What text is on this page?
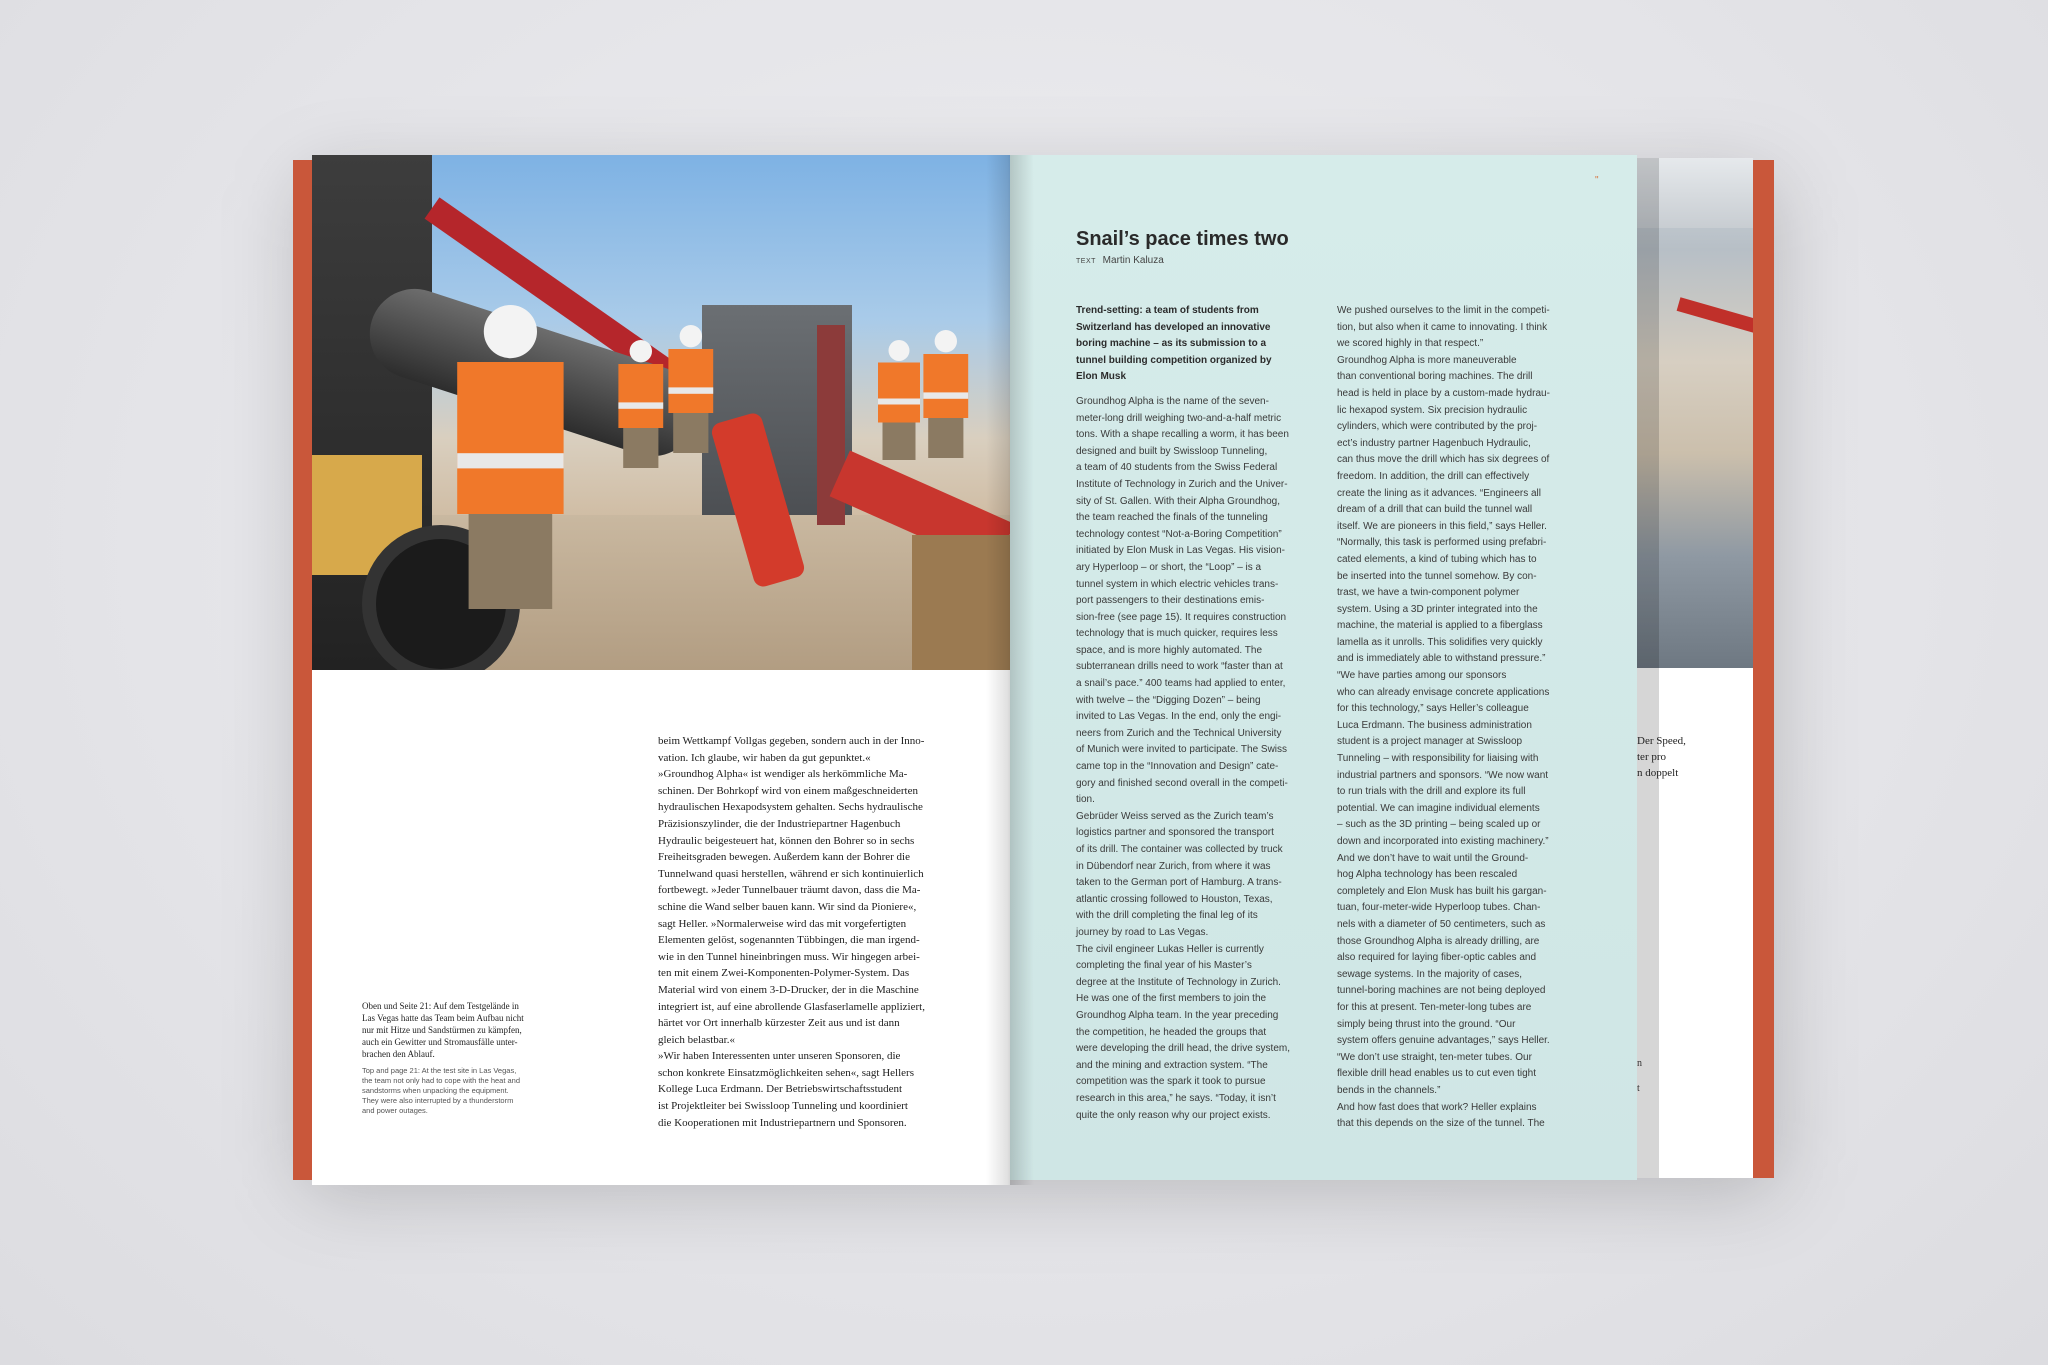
Oben und Seite 21: Auf dem Testgelände in
Las Vegas hatte das Team beim Aufbau nicht
nur mit Hitze und Sandstürmen zu kämpfen,
auch ein Gewitter und Stromausfälle unter-
brachen den Ablauf.
Top and page 21: At the test site in Las Vegas,
the team not only had to cope with the heat and
sandstorms when unpacking the equipment.
They were also interrupted by a thunderstorm
and power outages.
beim Wettkampf Vollgas gegeben, sondern auch in der Inno-
vation. Ich glaube, wir haben da gut gepunktet.«
»Groundhog Alpha« ist wendiger als herkömmliche Ma-
schinen. Der Bohrkopf wird von einem maßgeschneiderten
hydraulischen Hexapodsystem gehalten. Sechs hydraulische
Präzisionszylinder, die der Industriepartner Hagenbuch
Hydraulic beigesteuert hat, können den Bohrer so in sechs
Freiheitsgraden bewegen. Außerdem kann der Bohrer die
Tunnelwand quasi herstellen, während er sich kontinuierlich
fortbewegt. »Jeder Tunnelbauer träumt davon, dass die Ma-
schine die Wand selber bauen kann. Wir sind da Pioniere«,
sagt Heller. »Normalerweise wird das mit vorgefertigten
Elementen gelöst, sogenannten Tübbingen, die man irgend-
wie in den Tunnel hineinbringen muss. Wir hingegen arbei-
ten mit einem Zwei-Komponenten-Polymer-System. Das
Material wird von einem 3-D-Drucker, der in die Maschine
integriert ist, auf eine abrollende Glasfaserlamelle appliziert,
härtet vor Ort innerhalb kürzester Zeit aus und ist dann
gleich belastbar.«
»Wir haben Interessenten unter unseren Sponsoren, die
schon konkrete Einsatzmöglichkeiten sehen«, sagt Hellers
Kollege Luca Erdmann. Der Betriebswirtschaftsstudent
ist Projektleiter bei Swissloop Tunneling und koordiniert
die Kooperationen mit Industriepartnern und Sponsoren.
"
Snail’s pace times two
TEXT Martin Kaluza
Trend-setting: a team of students from
Switzerland has developed an innovative
boring machine – as its submission to a
tunnel building competition organized by
Elon Musk
Groundhog Alpha is the name of the seven-
meter-long drill weighing two-and-a-half metric
tons. With a shape recalling a worm, it has been
designed and built by Swissloop Tunneling,
a team of 40 students from the Swiss Federal
Institute of Technology in Zurich and the Univer-
sity of St. Gallen. With their Alpha Groundhog,
the team reached the finals of the tunneling
technology contest “Not-a-Boring Competition”
initiated by Elon Musk in Las Vegas. His vision-
ary Hyperloop – or short, the “Loop” – is a
tunnel system in which electric vehicles trans-
port passengers to their destinations emis-
sion-free (see page 15). It requires construction
technology that is much quicker, requires less
space, and is more highly automated. The
subterranean drills need to work “faster than at
a snail’s pace.” 400 teams had applied to enter,
with twelve – the “Digging Dozen” – being
invited to Las Vegas. In the end, only the engi-
neers from Zurich and the Technical University
of Munich were invited to participate. The Swiss
came top in the “Innovation and Design” cate-
gory and finished second overall in the competi-
tion.
Gebrüder Weiss served as the Zurich team’s
logistics partner and sponsored the transport
of its drill. The container was collected by truck
in Dübendorf near Zurich, from where it was
taken to the German port of Hamburg. A trans-
atlantic crossing followed to Houston, Texas,
with the drill completing the final leg of its
journey by road to Las Vegas.
The civil engineer Lukas Heller is currently
completing the final year of his Master’s
degree at the Institute of Technology in Zurich.
He was one of the first members to join the
Groundhog Alpha team. In the year preceding
the competition, he headed the groups that
were developing the drill head, the drive system,
and the mining and extraction system. “The
competition was the spark it took to pursue
research in this area,” he says. “Today, it isn’t
quite the only reason why our project exists.
We pushed ourselves to the limit in the competi-
tion, but also when it came to innovating. I think
we scored highly in that respect.”
Groundhog Alpha is more maneuverable
than conventional boring machines. The drill
head is held in place by a custom-made hydrau-
lic hexapod system. Six precision hydraulic
cylinders, which were contributed by the proj-
ect’s industry partner Hagenbuch Hydraulic,
can thus move the drill which has six degrees of
freedom. In addition, the drill can effectively
create the lining as it advances. “Engineers all
dream of a drill that can build the tunnel wall
itself. We are pioneers in this field,” says Heller.
“Normally, this task is performed using prefabri-
cated elements, a kind of tubing which has to
be inserted into the tunnel somehow. By con-
trast, we have a twin-component polymer
system. Using a 3D printer integrated into the
machine, the material is applied to a fiberglass
lamella as it unrolls. This solidifies very quickly
and is immediately able to withstand pressure.”
“We have parties among our sponsors
who can already envisage concrete applications
for this technology,” says Heller’s colleague
Luca Erdmann. The business administration
student is a project manager at Swissloop
Tunneling – with responsibility for liaising with
industrial partners and sponsors. “We now want
to run trials with the drill and explore its full
potential. We can imagine individual elements
– such as the 3D printing – being scaled up or
down and incorporated into existing machinery.”
And we don’t have to wait until the Ground-
hog Alpha technology has been rescaled
completely and Elon Musk has built his gargan-
tuan, four-meter-wide Hyperloop tubes. Chan-
nels with a diameter of 50 centimeters, such as
those Groundhog Alpha is already drilling, are
also required for laying fiber-optic cables and
sewage systems. In the majority of cases,
tunnel-boring machines are not being deployed
for this at present. Ten-meter-long tubes are
simply being thrust into the ground. “Our
system offers genuine advantages,” says Heller.
“We don’t use straight, ten-meter tubes. Our
flexible drill head enables us to cut even tight
bends in the channels.”
And how fast does that work? Heller explains
that this depends on the size of the tunnel. The
Der Speed,
ter pro
n doppelt
n
t
